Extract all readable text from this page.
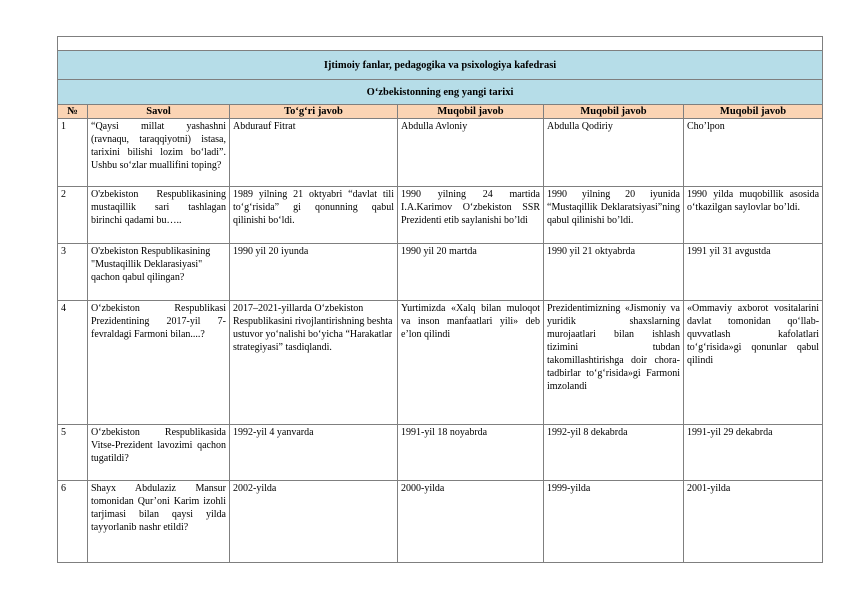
Ijtimoiy fanlar, pedagogika va psixologiya kafedrasi					
O‘zbekistonning eng yangi tarixi					
№	Savol	To‘g‘ri javob	Muqobil javob	Muqobil javob	Muqobil javob
1	“Qaysi millat yashashni (ravnaqu, taraqqiyotni) istasa, tarixini bilishi lozim bo‘ladi”. Ushbu so‘zlar muallifini toping?	Abdurauf Fitrat	Abdulla Avloniy	Abdulla Qodiriy	Cho’lpon
2	O'zbekiston Respublikasining mustaqillik sari tashlagan birinchi qadami bu…..	1989 yilning 21 oktyabri “davlat tili to‘g‘risida” gi qonunning qabul qilinishi bo‘ldi.	1990 yilning 24 martida I.A.Karimov O‘zbekiston SSR Prezidenti etib saylanishi bo’ldi	1990 yilning 20 iyunida “Mustaqillik Deklaratsiyasi”ning qabul qilinishi bo’ldi.	1990 yilda muqobillik asosida o‘tkazilgan saylovlar bo’ldi.
3	O'zbekiston Respublikasining "Mustaqillik Deklarasiyasi" qachon qabul qilingan?	1990 yil 20 iyunda	1990 yil 20 martda	1990 yil 21 oktyabrda	1991 yil 31 avgustda
4	O‘zbekiston Respublikasi Prezidentining 2017-yil 7-fevraldagi Farmoni bilan....?	2017–2021-yillarda O‘zbekiston Respublikasini rivojlantirishning beshta ustuvor yo‘nalishi bo‘yicha “Harakatlar strategiyasi” tasdiqlandi.	Yurtimizda «Xalq bilan muloqot va inson manfaatlari yili» deb e’lon qilindi	Prezidentimizning «Jismoniy va yuridik shaxslarning murojaatlari bilan ishlash tizimini tubdan takomillashtirishga doir chora-tadbirlar to‘g‘risida»gi Farmoni imzolandi	«Ommaviy axborot vositalarini davlat tomonidan qo‘llab-quvvatlash kafolatlari to‘g‘risida»gi qonunlar qabul qilindi
5	O‘zbekiston Respublikasida Vitse-Prezident lavozimi qachon tugatildi?	1992-yil 4 yanvarda	1991-yil 18 noyabrda	1992-yil 8 dekabrda	1991-yil 29 dekabrda
6	Shayx Abdulaziz Mansur tomonidan Qur’oni Karim izohli tarjimasi bilan qaysi yilda tayyorlanib nashr etildi?	2002-yilda	2000-yilda	1999-yilda	2001-yilda
